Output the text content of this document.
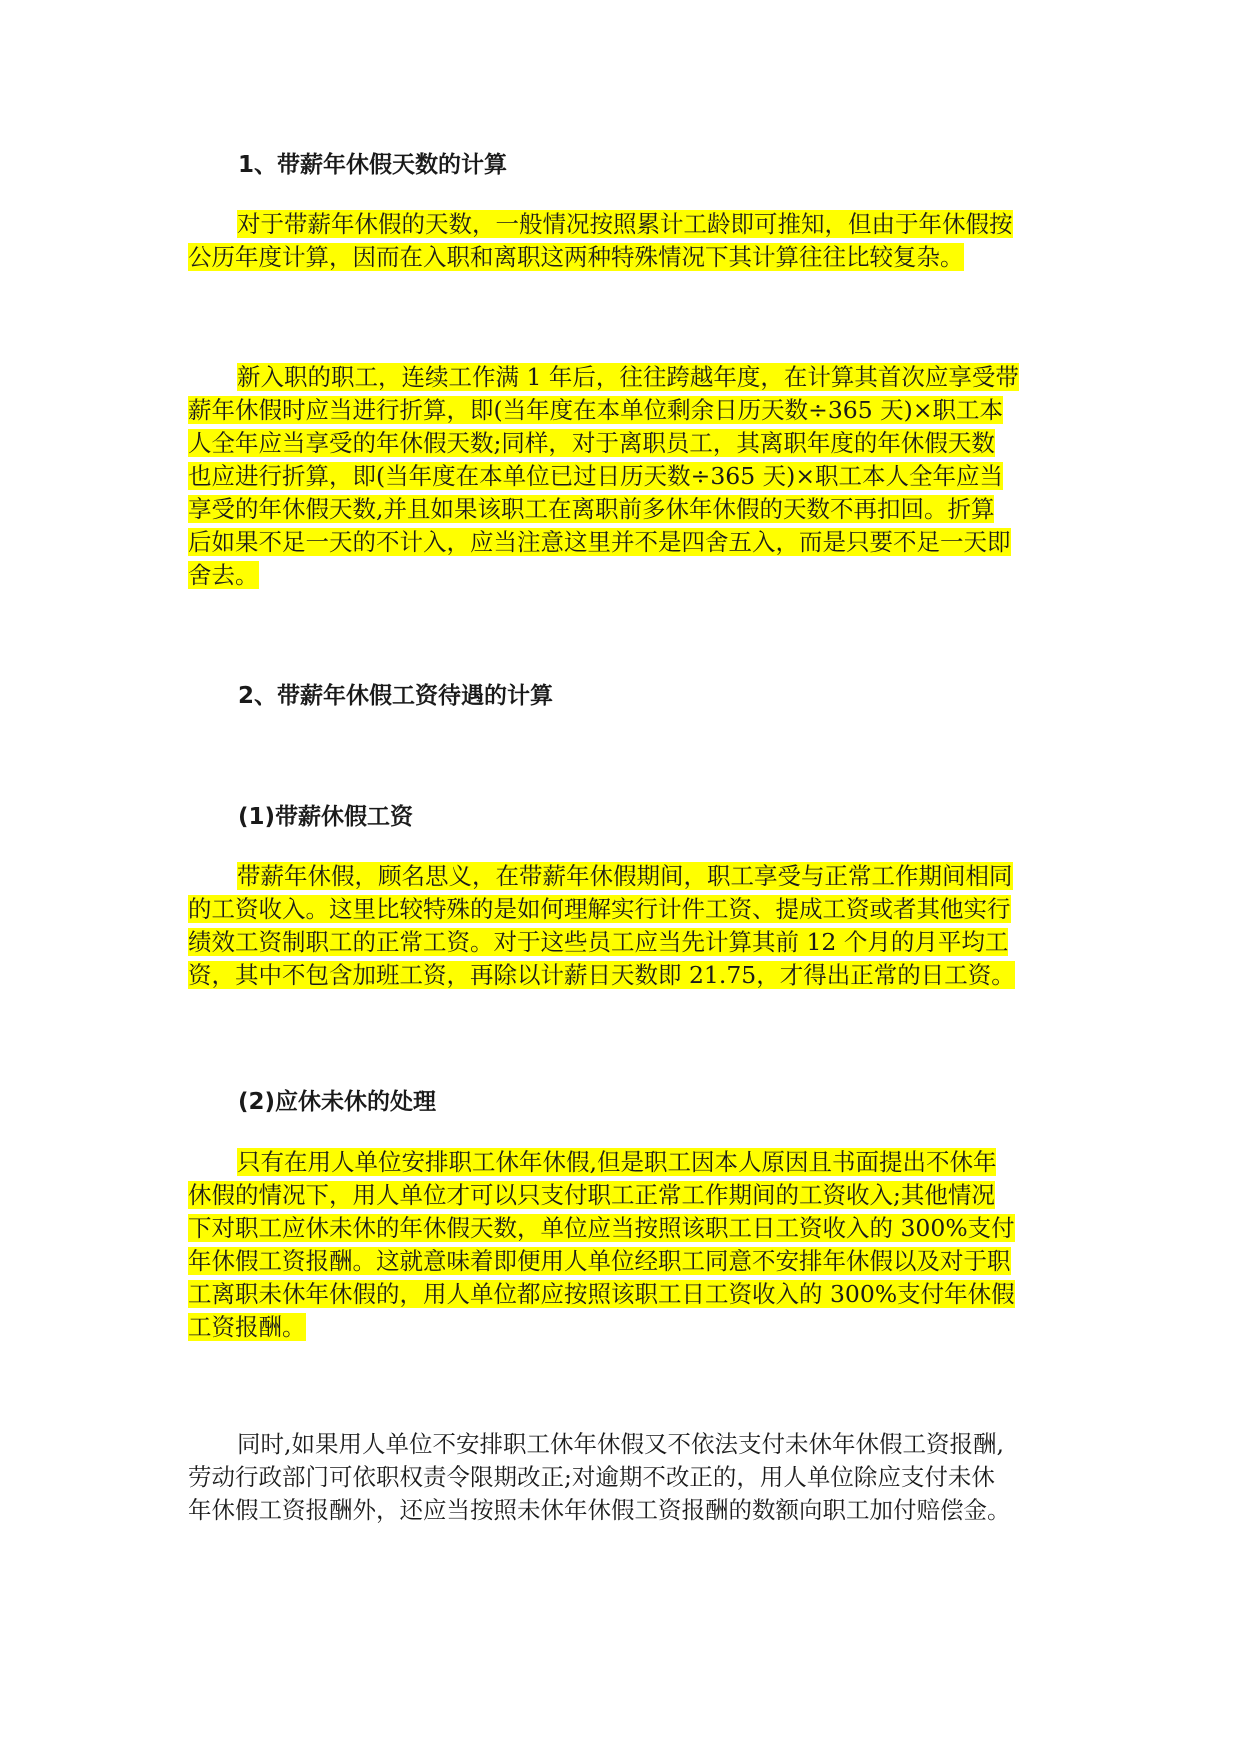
1、带薪年休假天数的计算
对于带薪年休假的天数，一般情况按照累计工龄即可推知，但由于年休假按
公历年度计算，因而在入职和离职这两种特殊情况下其计算往往比较复杂。
新入职的职工，连续工作满 1 年后，往往跨越年度，在计算其首次应享受带
薪年休假时应当进行折算，即(当年度在本单位剩余日历天数÷365 天)×职工本
人全年应当享受的年休假天数;同样，对于离职员工，其离职年度的年休假天数
也应进行折算，即(当年度在本单位已过日历天数÷365 天)×职工本人全年应当
享受的年休假天数,并且如果该职工在离职前多休年休假的天数不再扣回。折算
后如果不足一天的不计入，应当注意这里并不是四舍五入，而是只要不足一天即
舍去。
2、带薪年休假工资待遇的计算
(1)带薪休假工资
带薪年休假，顾名思义，在带薪年休假期间，职工享受与正常工作期间相同
的工资收入。这里比较特殊的是如何理解实行计件工资、提成工资或者其他实行
绩效工资制职工的正常工资。对于这些员工应当先计算其前 12 个月的月平均工
资，其中不包含加班工资，再除以计薪日天数即 21.75，才得出正常的日工资。
(2)应休未休的处理
只有在用人单位安排职工休年休假,但是职工因本人原因且书面提出不休年
休假的情况下，用人单位才可以只支付职工正常工作期间的工资收入;其他情况
下对职工应休未休的年休假天数，单位应当按照该职工日工资收入的 300%支付
年休假工资报酬。这就意味着即便用人单位经职工同意不安排年休假以及对于职
工离职未休年休假的，用人单位都应按照该职工日工资收入的 300%支付年休假
工资报酬。
同时,如果用人单位不安排职工休年休假又不依法支付未休年休假工资报酬,
劳动行政部门可依职权责令限期改正;对逾期不改正的，用人单位除应支付未休
年休假工资报酬外，还应当按照未休年休假工资报酬的数额向职工加付赔偿金。
